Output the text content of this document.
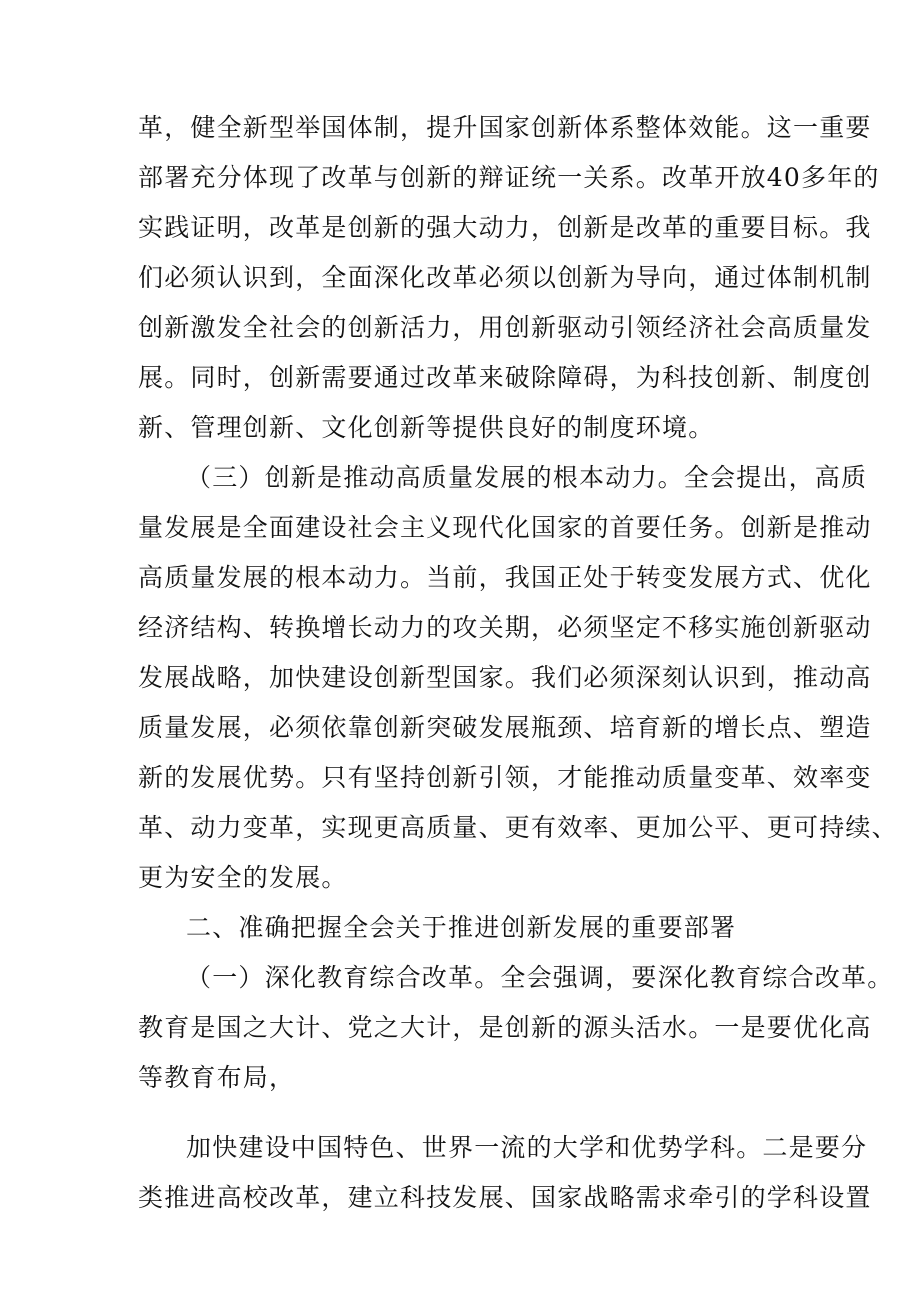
革，健全新型举国体制，提升国家创新体系整体效能。这一重要
部署充分体现了改革与创新的辩证统一关系。改革开放40多年的
实践证明，改革是创新的强大动力，创新是改革的重要目标。我
们必须认识到，全面深化改革必须以创新为导向，通过体制机制
创新激发全社会的创新活力，用创新驱动引领经济社会高质量发
展。同时，创新需要通过改革来破除障碍，为科技创新、制度创
新、管理创新、文化创新等提供良好的制度环境。
（三）创新是推动高质量发展的根本动力。全会提出，高质
量发展是全面建设社会主义现代化国家的首要任务。创新是推动
高质量发展的根本动力。当前，我国正处于转变发展方式、优化
经济结构、转换增长动力的攻关期，必须坚定不移实施创新驱动
发展战略，加快建设创新型国家。我们必须深刻认识到，推动高
质量发展，必须依靠创新突破发展瓶颈、培育新的增长点、塑造
新的发展优势。只有坚持创新引领，才能推动质量变革、效率变
革、动力变革，实现更高质量、更有效率、更加公平、更可持续、
更为安全的发展。
二、准确把握全会关于推进创新发展的重要部署
（一）深化教育综合改革。全会强调，要深化教育综合改革。
教育是国之大计、党之大计，是创新的源头活水。一是要优化高
等教育布局，
加快建设中国特色、世界一流的大学和优势学科。二是要分
类推进高校改革，建立科技发展、国家战略需求牵引的学科设置
